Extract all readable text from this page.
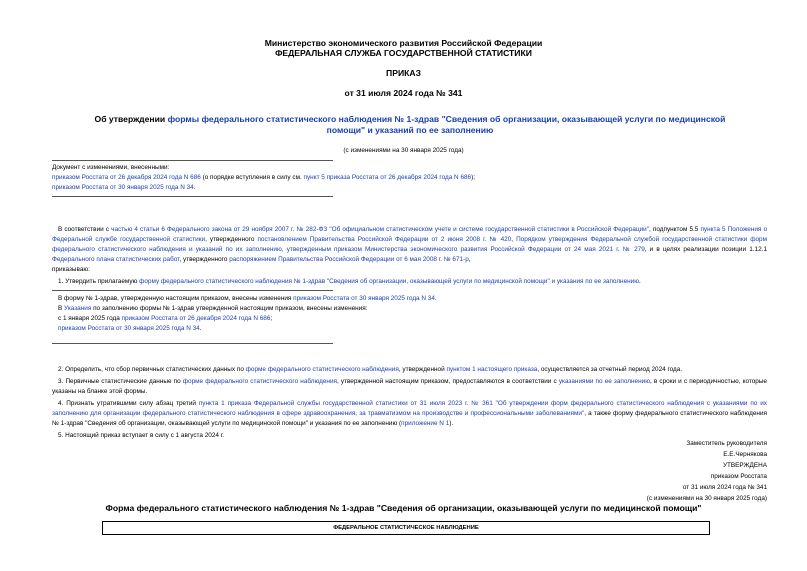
Министерство экономического развития Российской Федерации
ФЕДЕРАЛЬНАЯ СЛУЖБА ГОСУДАРСТВЕННОЙ СТАТИСТИКИ
ПРИКАЗ
от 31 июля 2024 года № 341
Об утверждении формы федерального статистического наблюдения № 1-здрав "Сведения об организации, оказывающей услуги по медицинской помощи" и указаний по ее заполнению
(с изменениями на 30 января 2025 года)

Документ с изменениями, внесенными:

приказом Росстата от 26 декабря 2024 года N 686 (о порядке вступления в силу см. пункт 5 приказа Росстата от 26 декабря 2024 года N 686);

приказом Росстата от 30 января 2025 года N 34.

В соответствии с частью 4 статьи 6 Федерального закона от 29 ноября 2007 г. № 282-ФЗ "Об официальном статистическом учете и системе государственной статистики в Российской Федерации", подпунктом 5.5 пункта 5 Положения о Федеральной службе государственной статистики, утвержденного постановлением Правительства Российской Федерации от 2 июня 2008 г. № 420, Порядком утверждения Федеральной службой государственной статистики форм федерального статистического наблюдения и указаний по их заполнению, утвержденным приказом Министерства экономического развития Российской Федерации от 24 мая 2021 г. № 279, и в целях реализации позиции 1.12.1 Федерального плана статистических работ, утвержденного распоряжением Правительства Российской Федерации от 6 мая 2008 г. № 671-р,

приказываю:

1. Утвердить прилагаемую форму федерального статистического наблюдения № 1-здрав "Сведения об организации, оказывающей услуги по медицинской помощи" и указания по ее заполнению.

В форму № 1-здрав, утвержденную настоящим приказом, внесены изменения приказом Росстата от 30 января 2025 года N 34.

В Указания по заполнению формы № 1-здрав утвержденной настоящим приказом, внесены изменения:

с 1 января 2025 года приказом Росстата от 26 декабря 2024 года N 686;

приказом Росстата от 30 января 2025 года N 34.

2. Определить, что сбор первичных статистических данных по форме федерального статистического наблюдения, утвержденной пунктом 1 настоящего приказа, осуществляется за отчетный период 2024 года.

3. Первичные статистические данные по форме федерального статистического наблюдения, утвержденной настоящим приказом, предоставляются в соответствии с указаниями по ее заполнению, в сроки и с периодичностью, которые указаны на бланке этой формы.

4. Признать утратившими силу абзац третий пункта 1 приказа Федеральной службы государственной статистики от 31 июля 2023 г. № 361 "Об утверждении форм федерального статистического наблюдения с указаниями по их заполнению для организации федерального статистического наблюдения в сфере здравоохранения, за травматизмом на производстве и профессиональными заболеваниями", а также форму федерального статистического наблюдения № 1-здрав "Сведения об организации, оказывающей услуги по медицинской помощи" и указания по ее заполнению (приложение N 1).

5. Настоящий приказ вступает в силу с 1 августа 2024 г.

Заместитель руководителя
Е.Е.Чернякова
УТВЕРЖДЕНА
приказом Росстата
от 31 июля 2024 года № 341
(с изменениями на 30 января 2025 года)
Форма федерального статистического наблюдения № 1-здрав "Сведения об организации, оказывающей услуги по медицинской помощи"
ФЕДЕРАЛЬНОЕ СТАТИСТИЧЕСКОЕ НАБЛЮДЕНИЕ
